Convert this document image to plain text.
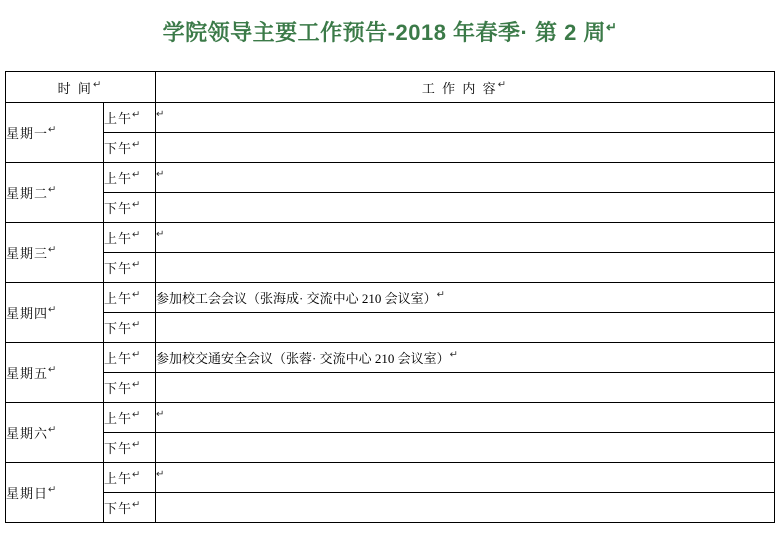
学院领导主要工作预告-2018 年春季· 第 2 周↵
时 间↵		工 作 内 容↵
星期一↵	上午↵	↵
	下午↵	
星期二↵	上午↵	↵
	下午↵	
星期三↵	上午↵	↵
	下午↵	
星期四↵	上午↵	参加校工会会议（张海成· 交流中心 210 会议室）↵
	下午↵	
星期五↵	上午↵	参加校交通安全会议（张蓉· 交流中心 210 会议室）↵
	下午↵	
星期六↵	上午↵	↵
	下午↵	
星期日↵	上午↵	↵
	下午↵	
